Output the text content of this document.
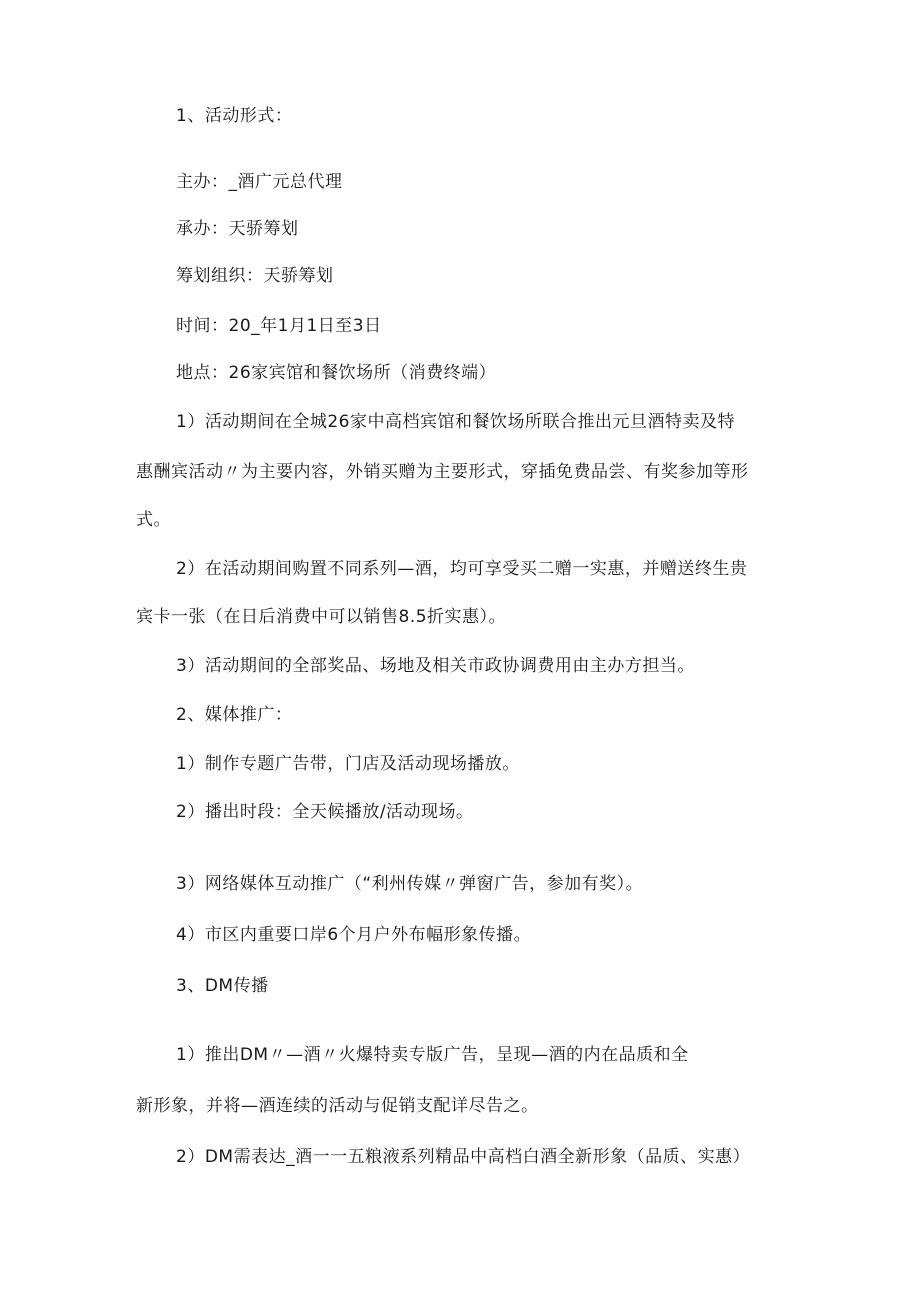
1、活动形式：
主办：_酒广元总代理
承办：天骄筹划
筹划组织：天骄筹划
时间：20_年1月1日至3日
地点：26家宾馆和餐饮场所（消费终端）
1）活动期间在全城26家中高档宾馆和餐饮场所联合推出元旦酒特卖及特
惠酬宾活动〃为主要内容，外销买赠为主要形式，穿插免费品尝、有奖参加等形
式。
2）在活动期间购置不同系列—酒，均可享受买二赠一实惠，并赠送终生贵
宾卡一张（在日后消费中可以销售8.5折实惠）。
3）活动期间的全部奖品、场地及相关市政协调费用由主办方担当。
2、媒体推广：
1）制作专题广告带，门店及活动现场播放。
2）播出时段：全天候播放/活动现场。
3）网络媒体互动推广（“利州传媒〃弹窗广告，参加有奖）。
4）市区内重要口岸6个月户外布幅形象传播。
3、DM传播
1）推出DM〃—酒〃火爆特卖专版广告，呈现—酒的内在品质和全
新形象，并将—酒连续的活动与促销支配详尽告之。
2）DM需表达_酒一一五粮液系列精品中高档白酒全新形象（品质、实惠）
